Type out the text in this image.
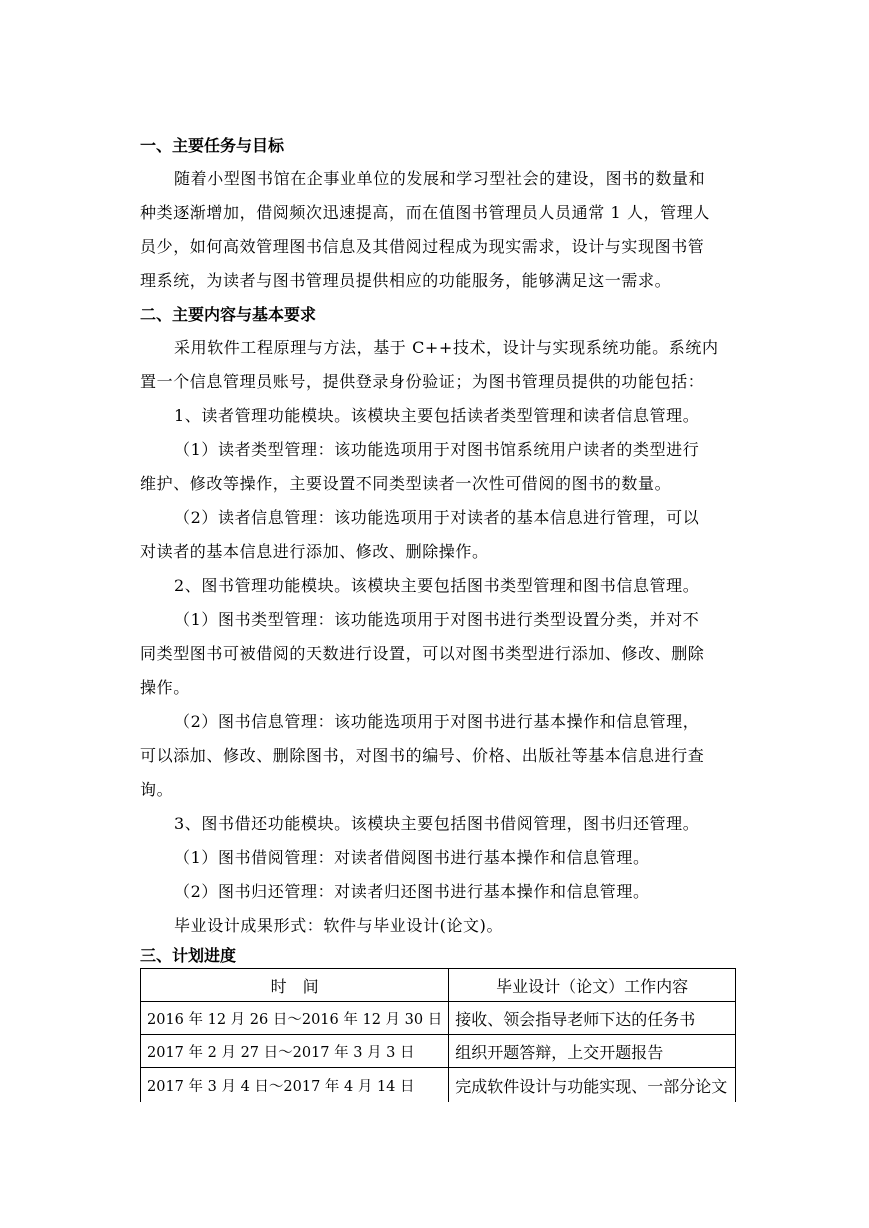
一、主要任务与目标
随着小型图书馆在企事业单位的发展和学习型社会的建设，图书的数量和
种类逐渐增加，借阅频次迅速提高，而在值图书管理员人员通常 1 人，管理人
员少，如何高效管理图书信息及其借阅过程成为现实需求，设计与实现图书管
理系统，为读者与图书管理员提供相应的功能服务，能够满足这一需求。
二、主要内容与基本要求
采用软件工程原理与方法，基于 C++技术，设计与实现系统功能。系统内
置一个信息管理员账号，提供登录身份验证；为图书管理员提供的功能包括：
1、读者管理功能模块。该模块主要包括读者类型管理和读者信息管理。
（1）读者类型管理：该功能选项用于对图书馆系统用户读者的类型进行
维护、修改等操作，主要设置不同类型读者一次性可借阅的图书的数量。
（2）读者信息管理：该功能选项用于对读者的基本信息进行管理，可以
对读者的基本信息进行添加、修改、删除操作。
2、图书管理功能模块。该模块主要包括图书类型管理和图书信息管理。
（1）图书类型管理：该功能选项用于对图书进行类型设置分类，并对不
同类型图书可被借阅的天数进行设置，可以对图书类型进行添加、修改、删除
操作。
（2）图书信息管理：该功能选项用于对图书进行基本操作和信息管理，
可以添加、修改、删除图书，对图书的编号、价格、出版社等基本信息进行查
询。
3、图书借还功能模块。该模块主要包括图书借阅管理，图书归还管理。
（1）图书借阅管理：对读者借阅图书进行基本操作和信息管理。
（2）图书归还管理：对读者归还图书进行基本操作和信息管理。
毕业设计成果形式：软件与毕业设计(论文)。
三、计划进度
时　间	毕业设计（论文）工作内容
2016 年 12 月 26 日～2016 年 12 月 30 日	接收、领会指导老师下达的任务书
2017 年 2 月 27 日～2017 年 3 月 3 日	组织开题答辩，上交开题报告
2017 年 3 月 4 日～2017 年 4 月 14 日	完成软件设计与功能实现、一部分论文
